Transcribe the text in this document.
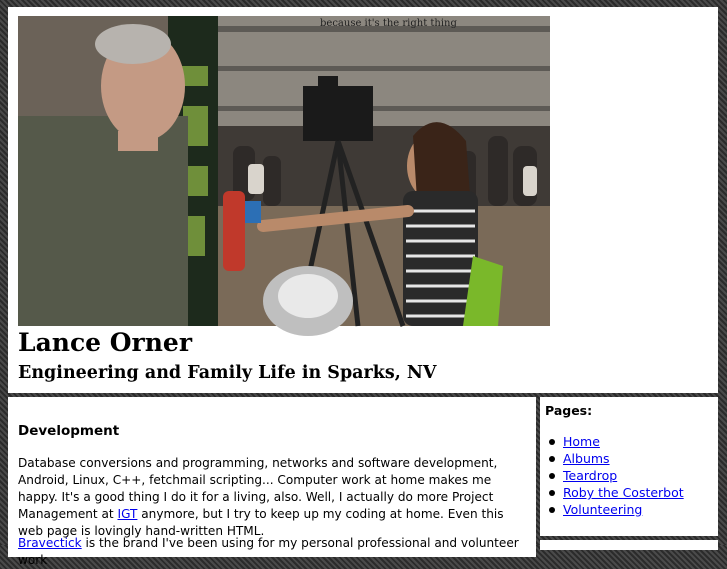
because it's the right thing
Lance Orner
Engineering and Family Life in Sparks, NV
Development

Database conversions and programming, networks and software development, Android, Linux, C++, fetchmail scripting... Computer work at home makes me happy. It's a good thing I do it for a living, also. Well, I actually do more Project Management at IGT anymore, but I try to keep up my coding at home. Even this web page is lovingly hand-written HTML.

Bravectick is the brand I've been using for my personal professional and volunteer work

Pages:
Home
Albums
Teardrop
Roby the Costerbot
Volunteering
